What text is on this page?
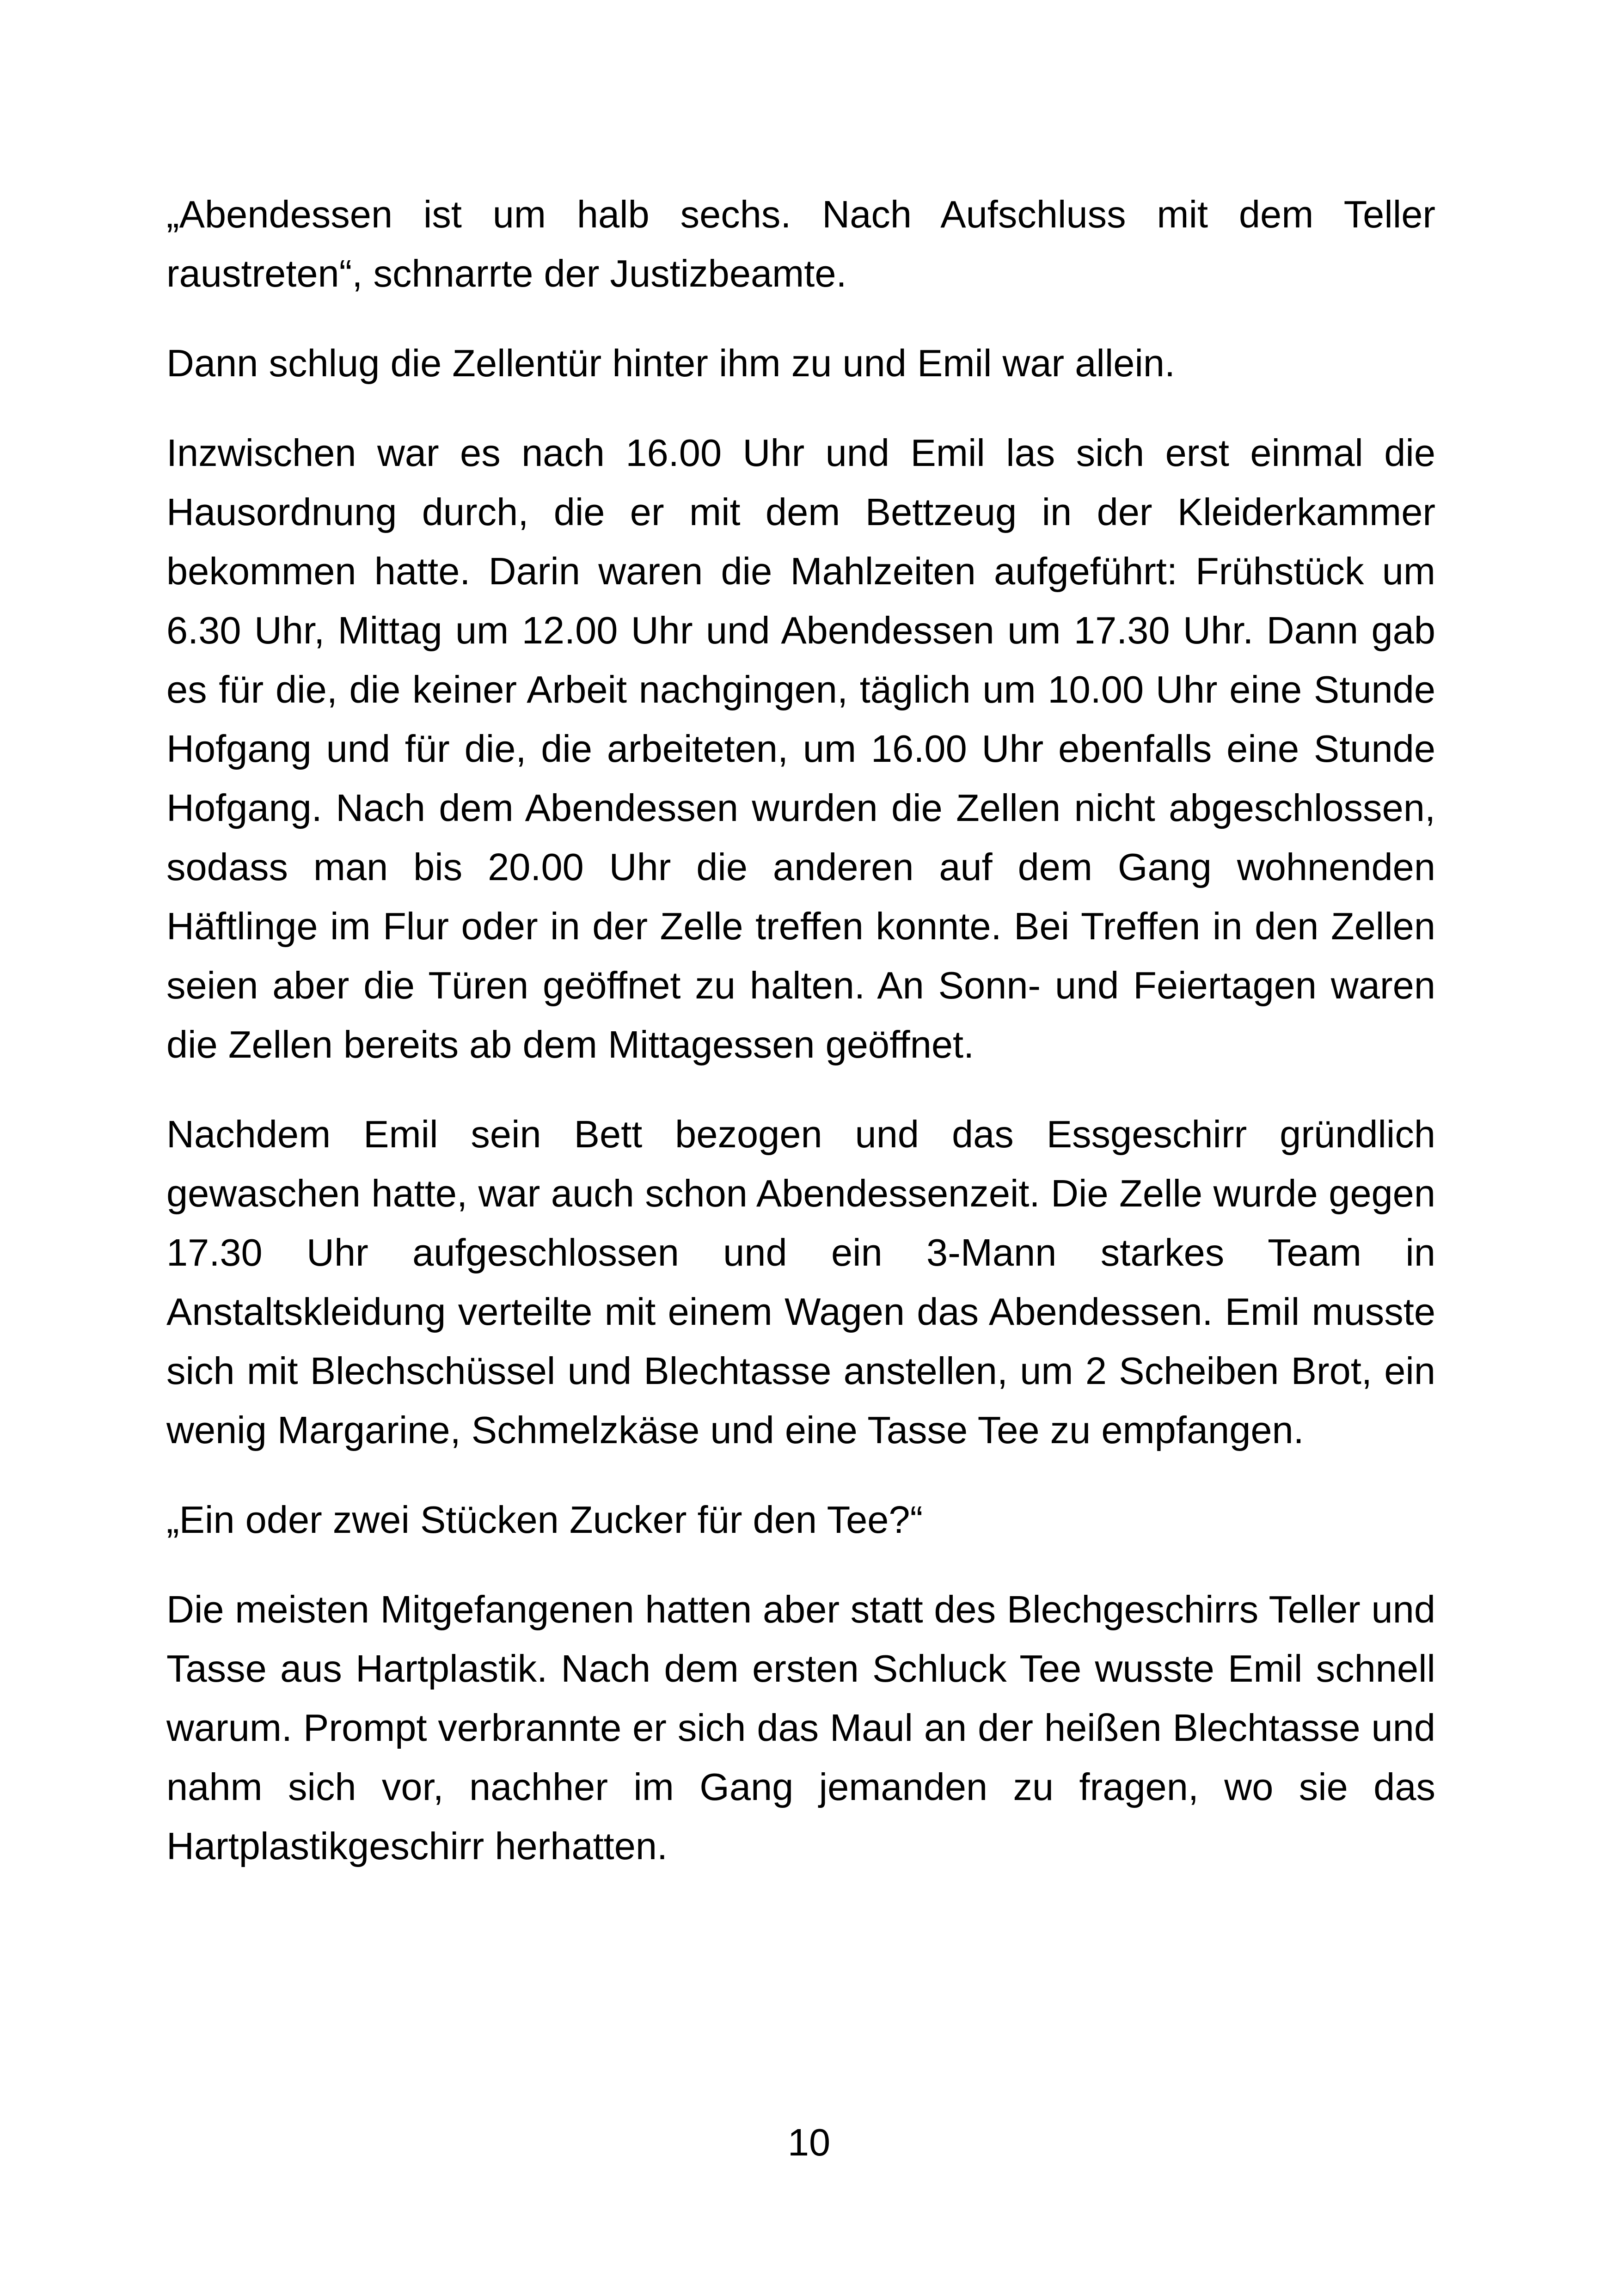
„Abendessen ist um halb sechs. Nach Aufschluss mit dem Teller raustreten“, schnarrte der Justizbeamte.

Dann schlug die Zellentür hinter ihm zu und Emil war allein.

Inzwischen war es nach 16.00 Uhr und Emil las sich erst einmal die Hausordnung durch, die er mit dem Bettzeug in der Kleiderkammer bekommen hatte. Darin waren die Mahlzeiten aufgeführt: Frühstück um 6.30 Uhr, Mittag um 12.00 Uhr und Abendessen um 17.30 Uhr. Dann gab es für die, die keiner Arbeit nachgingen, täglich um 10.00 Uhr eine Stunde Hofgang und für die, die arbeiteten, um 16.00 Uhr ebenfalls eine Stunde Hofgang. Nach dem Abendessen wurden die Zellen nicht abgeschlossen, sodass man bis 20.00 Uhr die anderen auf dem Gang wohnenden Häftlinge im Flur oder in der Zelle treffen konnte. Bei Treffen in den Zellen seien aber die Türen geöffnet zu halten. An Sonn- und Feiertagen waren die Zellen bereits ab dem Mittagessen geöffnet.

Nachdem Emil sein Bett bezogen und das Essgeschirr gründlich gewaschen hatte, war auch schon Abendessenzeit. Die Zelle wurde gegen 17.30 Uhr aufgeschlossen und ein 3-Mann starkes Team in Anstaltskleidung verteilte mit einem Wagen das Abendessen. Emil musste sich mit Blechschüssel und Blechtasse anstellen, um 2 Scheiben Brot, ein wenig Margarine, Schmelzkäse und eine Tasse Tee zu empfangen.

„Ein oder zwei Stücken Zucker für den Tee?“

Die meisten Mitgefangenen hatten aber statt des Blechgeschirrs Teller und Tasse aus Hartplastik. Nach dem ersten Schluck Tee wusste Emil schnell warum. Prompt verbrannte er sich das Maul an der heißen Blechtasse und nahm sich vor, nachher im Gang jemanden zu fragen, wo sie das Hartplastikgeschirr herhatten.

10
